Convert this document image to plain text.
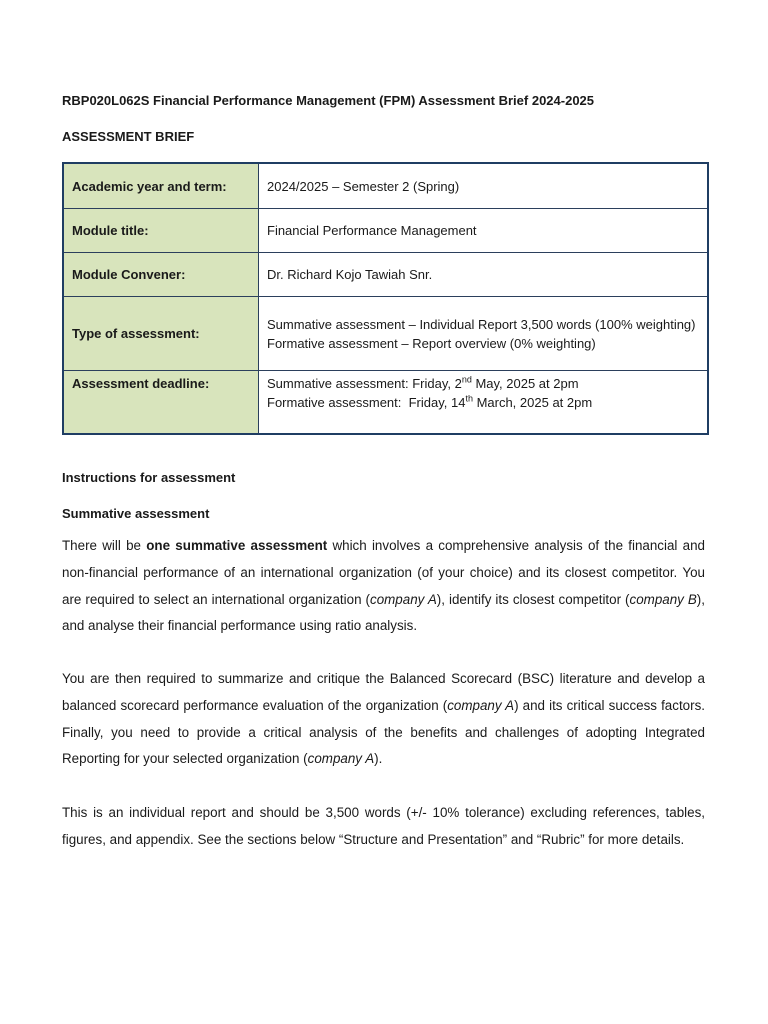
RBP020L062S Financial Performance Management (FPM) Assessment Brief 2024-2025
ASSESSMENT BRIEF
Academic year and term:	2024/2025 – Semester 2 (Spring)
Module title:	Financial Performance Management
Module Convener:	Dr. Richard Kojo Tawiah Snr.
Type of assessment:	Summative assessment – Individual Report 3,500 words (100% weighting)
Formative assessment – Report overview (0% weighting)

Assessment deadline:	Summative assessment: Friday, 2nd May, 2025 at 2pm
Formative assessment:  Friday, 14th March, 2025 at 2pm
Instructions for assessment
Summative assessment

There will be one summative assessment which involves a comprehensive analysis of the financial and non-financial performance of an international organization (of your choice) and its closest competitor. You are required to select an international organization (company A), identify its closest competitor (company B), and analyse their financial performance using ratio analysis.

You are then required to summarize and critique the Balanced Scorecard (BSC) literature and develop a balanced scorecard performance evaluation of the organization (company A) and its critical success factors. Finally, you need to provide a critical analysis of the benefits and challenges of adopting Integrated Reporting for your selected organization (company A).

This is an individual report and should be 3,500 words (+/- 10% tolerance) excluding references, tables, figures, and appendix. See the sections below “Structure and Presentation” and “Rubric” for more details.
